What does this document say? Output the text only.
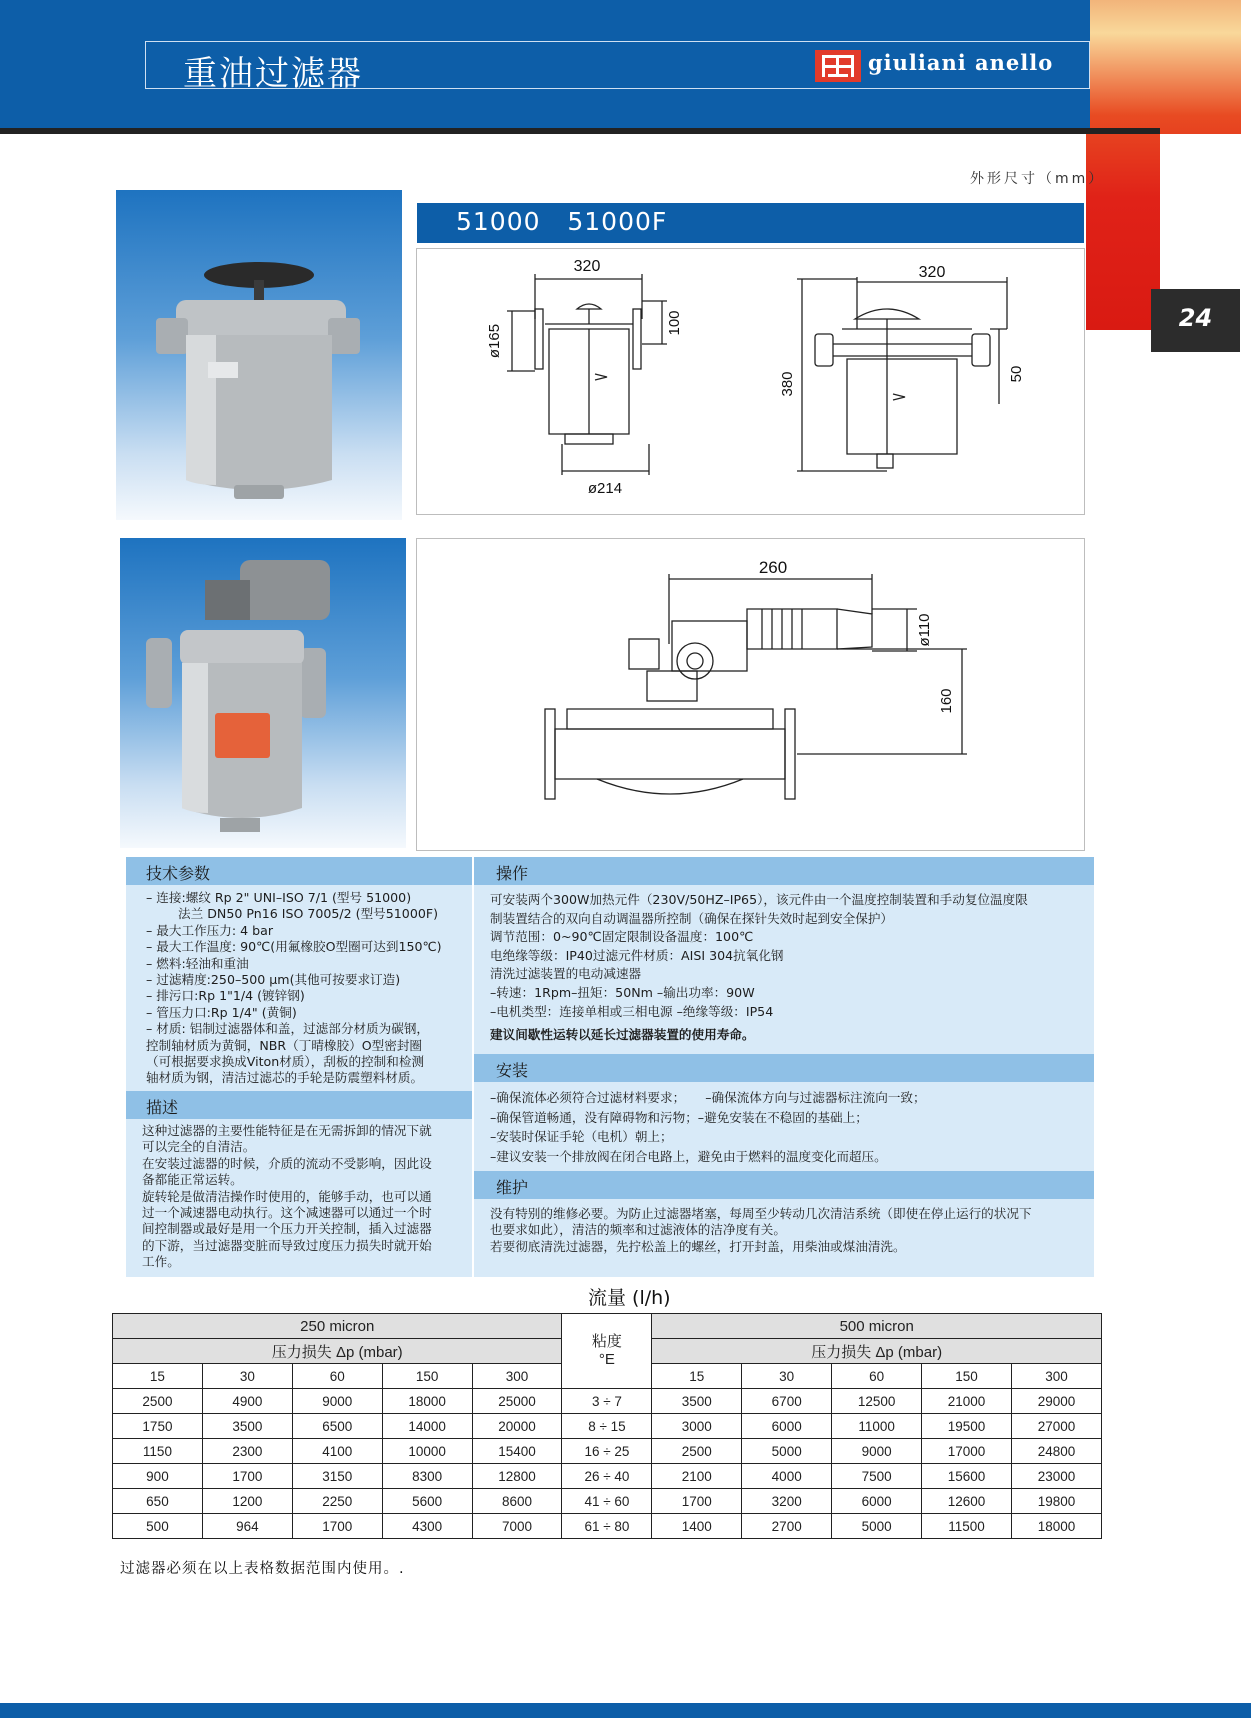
重油过滤器	giuliani anello
24
外形尺寸（mm）
51000   51000F
320
ø165
100
ø214
320
380	50
260
ø110
160
技术参数
– 连接:螺纹 Rp 2" UNI–ISO 7/1 (型号 51000)
法兰 DN50 Pn16 ISO 7005/2 (型号51000F)
– 最大工作压力: 4 bar
– 最大工作温度: 90℃(用氟橡胶O型圈可达到150℃)
– 燃料:轻油和重油
– 过滤精度:250–500 μm(其他可按要求订造)
– 排污口:Rp 1"1/4 (镀锌钢)
– 管压力口:Rp 1/4" (黄铜)
– 材质: 铝制过滤器体和盖，过滤部分材质为碳钢，
控制轴材质为黄铜，NBR（丁晴橡胶）O型密封圈
（可根据要求换成Viton材质），刮板的控制和检测
轴材质为钢，清洁过滤芯的手轮是防震塑料材质。
描述
这种过滤器的主要性能特征是在无需拆卸的情况下就
可以完全的自清洁。
在安装过滤器的时候，介质的流动不受影响，因此设
备都能正常运转。
旋转轮是做清洁操作时使用的，能够手动，也可以通
过一个减速器电动执行。这个减速器可以通过一个时
间控制器或最好是用一个压力开关控制，插入过滤器
的下游，当过滤器变脏而导致过度压力损失时就开始
工作。
操作
可安装两个300W加热元件（230V/50HZ–IP65），该元件由一个温度控制装置和手动复位温度限
制装置结合的双向自动调温器所控制（确保在探针失效时起到安全保护）
调节范围：0~90℃固定限制设备温度：100℃
电绝缘等级：IP40过滤元件材质：AISI 304抗氧化钢
清洗过滤装置的电动减速器
–转速：1Rpm–扭矩：50Nm –输出功率：90W
–电机类型：连接单相或三相电源 –绝缘等级：IP54
建议间歇性运转以延长过滤器装置的使用寿命。
安装
–确保流体必须符合过滤材料要求；     –确保流体方向与过滤器标注流向一致；
–确保管道畅通，没有障碍物和污物；–避免安装在不稳固的基础上；
–安装时保证手轮（电机）朝上；
–建议安装一个排放阀在闭合电路上，避免由于燃料的温度变化而超压。
维护
没有特别的维修必要。为防止过滤器堵塞，每周至少转动几次清洁系统（即使在停止运行的状况下
也要求如此），清洁的频率和过滤液体的洁净度有关。
若要彻底清洗过滤器，先拧松盖上的螺丝，打开封盖，用柴油或煤油清洗。
流量 (l/h)
250 micron					粘度
°E	500 micron				
压力损失 Δp (mbar)						压力损失 Δp (mbar)				
15	30	60	150	300		15	30	60	150	300
2500	4900	9000	18000	25000	3 ÷ 7	3500	6700	12500	21000	29000
1750	3500	6500	14000	20000	8 ÷ 15	3000	6000	11000	19500	27000
1150	2300	4100	10000	15400	16 ÷ 25	2500	5000	9000	17000	24800
900	1700	3150	8300	12800	26 ÷ 40	2100	4000	7500	15600	23000
650	1200	2250	5600	8600	41 ÷ 60	1700	3200	6000	12600	19800
500	964	1700	4300	7000	61 ÷ 80	1400	2700	5000	11500	18000
过滤器必须在以上表格数据范围内使用。.
